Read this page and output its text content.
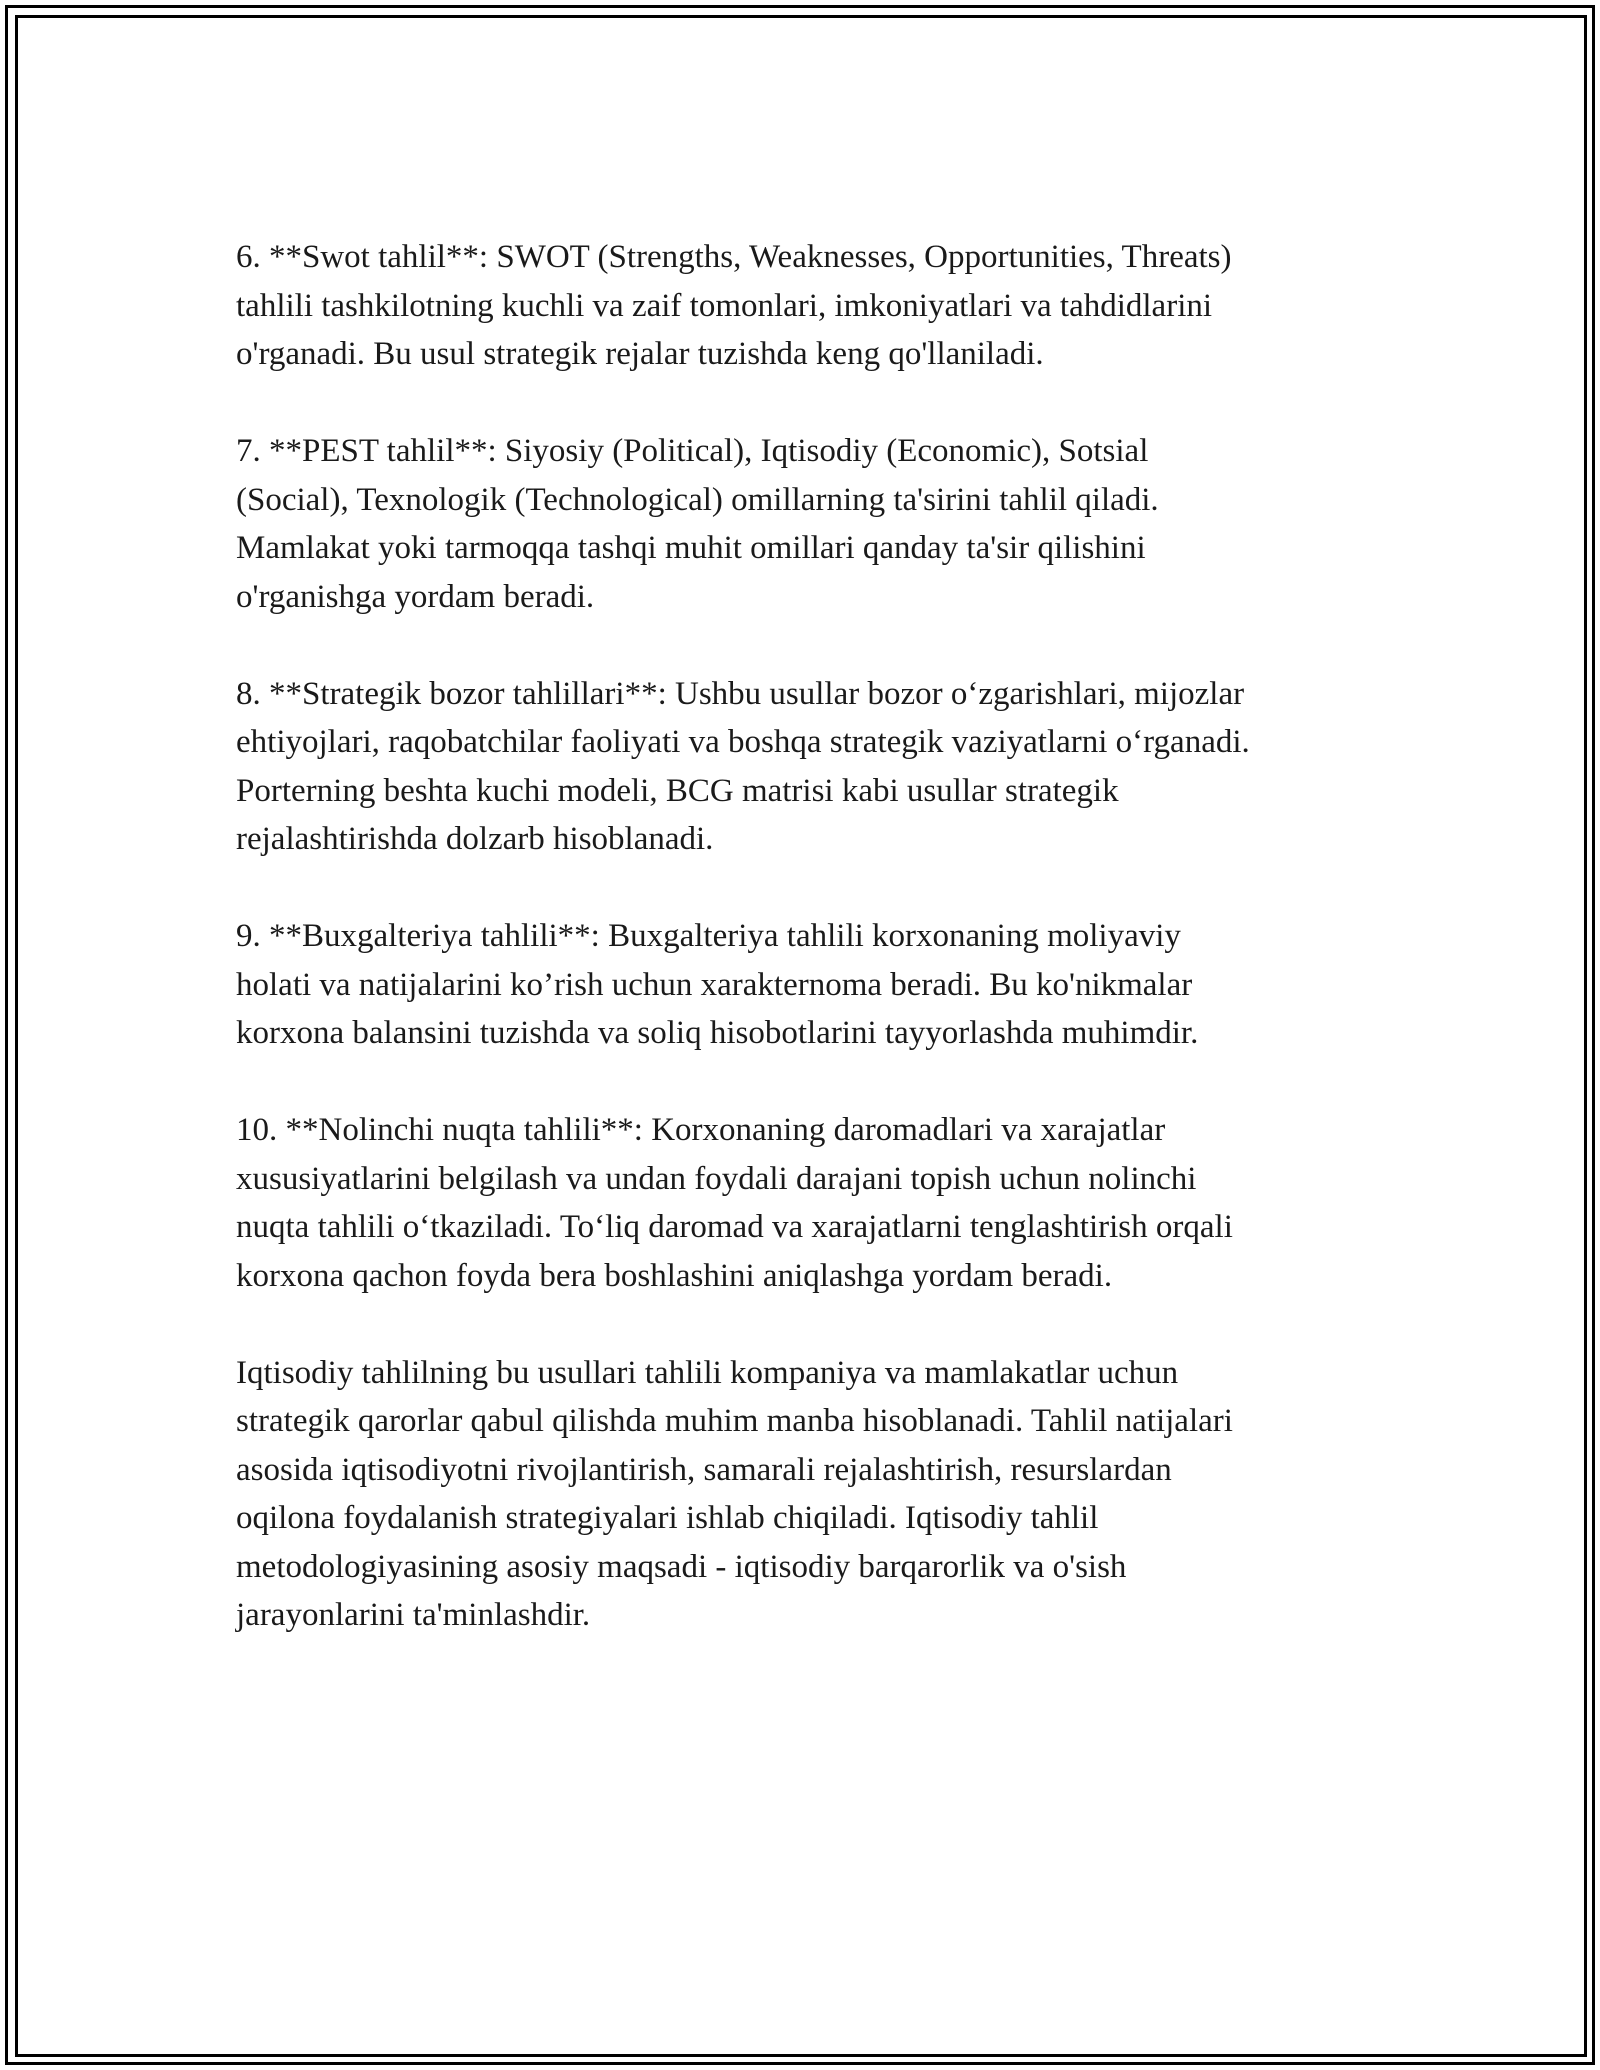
6. **Swot tahlil**: SWOT (Strengths, Weaknesses, Opportunities, Threats)
tahlili tashkilotning kuchli va zaif tomonlari, imkoniyatlari va tahdidlarini
o'rganadi. Bu usul strategik rejalar tuzishda keng qo'llaniladi.

7. **PEST tahlil**: Siyosiy (Political), Iqtisodiy (Economic), Sotsial
(Social), Texnologik (Technological) omillarning ta'sirini tahlil qiladi.
Mamlakat yoki tarmoqqa tashqi muhit omillari qanday ta'sir qilishini
o'rganishga yordam beradi.

8. **Strategik bozor tahlillari**: Ushbu usullar bozor o‘zgarishlari, mijozlar
ehtiyojlari, raqobatchilar faoliyati va boshqa strategik vaziyatlarni o‘rganadi.
Porterning beshta kuchi modeli, BCG matrisi kabi usullar strategik
rejalashtirishda dolzarb hisoblanadi.

9. **Buxgalteriya tahlili**: Buxgalteriya tahlili korxonaning moliyaviy
holati va natijalarini ko’rish uchun xarakternoma beradi. Bu ko'nikmalar
korxona balansini tuzishda va soliq hisobotlarini tayyorlashda muhimdir.

10. **Nolinchi nuqta tahlili**: Korxonaning daromadlari va xarajatlar
xususiyatlarini belgilash va undan foydali darajani topish uchun nolinchi
nuqta tahlili o‘tkaziladi. To‘liq daromad va xarajatlarni tenglashtirish orqali
korxona qachon foyda bera boshlashini aniqlashga yordam beradi.

Iqtisodiy tahlilning bu usullari tahlili kompaniya va mamlakatlar uchun
strategik qarorlar qabul qilishda muhim manba hisoblanadi. Tahlil natijalari
asosida iqtisodiyotni rivojlantirish, samarali rejalashtirish, resurslardan
oqilona foydalanish strategiyalari ishlab chiqiladi. Iqtisodiy tahlil
metodologiyasining asosiy maqsadi - iqtisodiy barqarorlik va o'sish
jarayonlarini ta'minlashdir.
